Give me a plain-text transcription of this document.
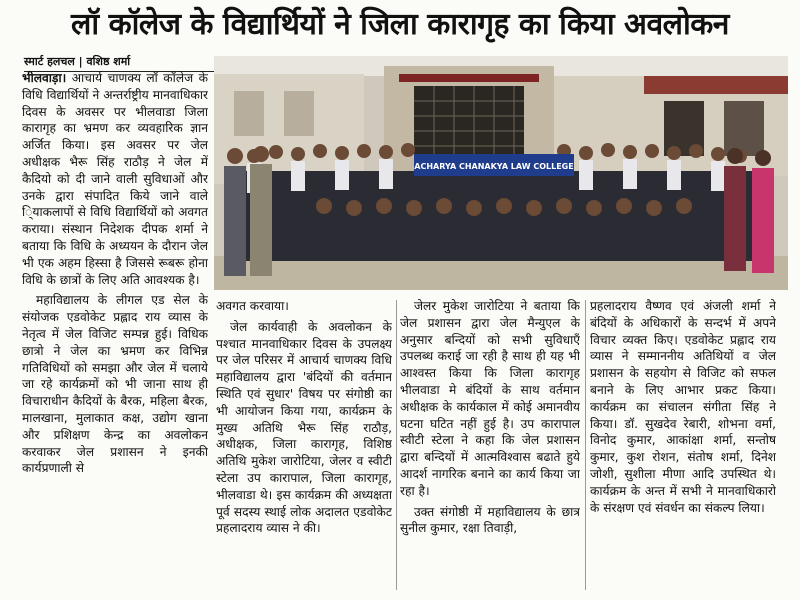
लॉ कॉलेज के विद्यार्थियों ने जिला कारागृह का किया अवलोकन
स्मार्ट हलचल | वशिष्ठ शर्मा

भीलवाड़ा। आचार्य चाणक्य लॉ कॉलेज के विधि विद्यार्थियों ने अन्तर्राष्ट्रीय मानवाधिकार दिवस के अवसर पर भीलवाडा जिला कारागृह का भ्रमण कर व्यवहारिक ज्ञान अर्जित किया। इस अवसर पर जेल अधीक्षक भैरू सिंह राठौड़ ने जेल में कैदियो को दी जाने वाली सुविधाओं और उनके द्वारा संपादित किये जाने वाले ि्याकलापों से विधि विद्यार्थियों को अवगत कराया। संस्थान निदेशक दीपक शर्मा ने बताया कि विधि के अध्ययन के दौरान जेल भी एक अहम हिस्सा है जिससे रूबरू होना विधि के छात्रों के लिए अति आवश्यक है।

महाविद्यालय के लीगल एड सेल के संयोजक एडवोकेट प्रह्लाद राय व्यास के नेतृत्व में जेल विजिट सम्पन्न हुई। विधिक छात्रो ने जेल का भ्रमण कर विभिन्न गतिविधियों को समझा और जेल में चलाये जा रहे कार्यक्रमों को भी जाना साथ ही विचाराधीन कैदियों के बैरक, महिला बैरक, मालखाना, मुलाकात कक्ष, उद्योग खाना और प्रशिक्षण केन्द्र का अवलोकन करवाकर जेल प्रशासन ने इनकी कार्यप्रणाली से

ACHARYA CHANAKYA LAW COLLEGE

अवगत करवाया।

जेल कार्यवाही के अवलोकन के पश्चात मानवाधिकार दिवस के उपलक्ष्य पर जेल परिसर में आचार्य चाणक्य विधि महाविद्यालय द्वारा 'बंदियों की वर्तमान स्थिति एवं सुधार' विषय पर संगोष्ठी का भी आयोजन किया गया, कार्यक्रम के मुख्य अतिथि भैरू सिंह राठौड़, अधीक्षक, जिला कारागृह, विशिष्ठ अतिथि मुकेश जारोटिया, जेलर व स्वीटी स्टेला उप कारापाल, जिला कारागृह, भीलवाडा थे। इस कार्यक्रम की अध्यक्षता पूर्व सदस्य स्थाई लोक अदालत एडवोकेट प्रहलादराय व्यास ने की।

जेलर मुकेश जारोटिया ने बताया कि जेल प्रशासन द्वारा जेल मैन्युएल के अनुसार बन्दियों को सभी सुविधाएँ उपलब्ध कराई जा रही है साथ ही यह भी आश्वस्त किया कि जिला कारागृह भीलवाडा मे बंदियों के साथ वर्तमान अधीक्षक के कार्यकाल में कोई अमानवीय घटना घटित नहीं हुई है। उप कारापाल स्वीटी स्टेला ने कहा कि जेल प्रशासन द्वारा बन्दियों में आत्मविश्वास बढाते हुये आदर्श नागरिक बनाने का कार्य किया जा रहा है।

उक्त संगोष्ठी में महाविद्यालय के छात्र सुनील कुमार, रक्षा तिवाड़ी,

प्रहलादराय वैष्णव एवं अंजली शर्मा ने बंदियों के अधिकारों के सन्दर्भ में अपने विचार व्यक्त किए। एडवोकेट प्रह्लाद राय व्यास ने सम्माननीय अतिथियों व जेल प्रशासन के सहयोग से विजिट को सफल बनाने के लिए आभार प्रकट किया। कार्यक्रम का संचालन संगीता सिंह ने किया। डॉ. सुखदेव रेबारी, शोभना वर्मा, विनोद कुमार, आकांक्षा शर्मा, सन्तोष कुमार, कुश रोशन, संतोष शर्मा, दिनेश जोशी, सुशीला मीणा आदि उपस्थित थे। कार्यक्रम के अन्त में सभी ने मानवाधिकारो के संरक्षण एवं संवर्धन का संकल्प लिया।
